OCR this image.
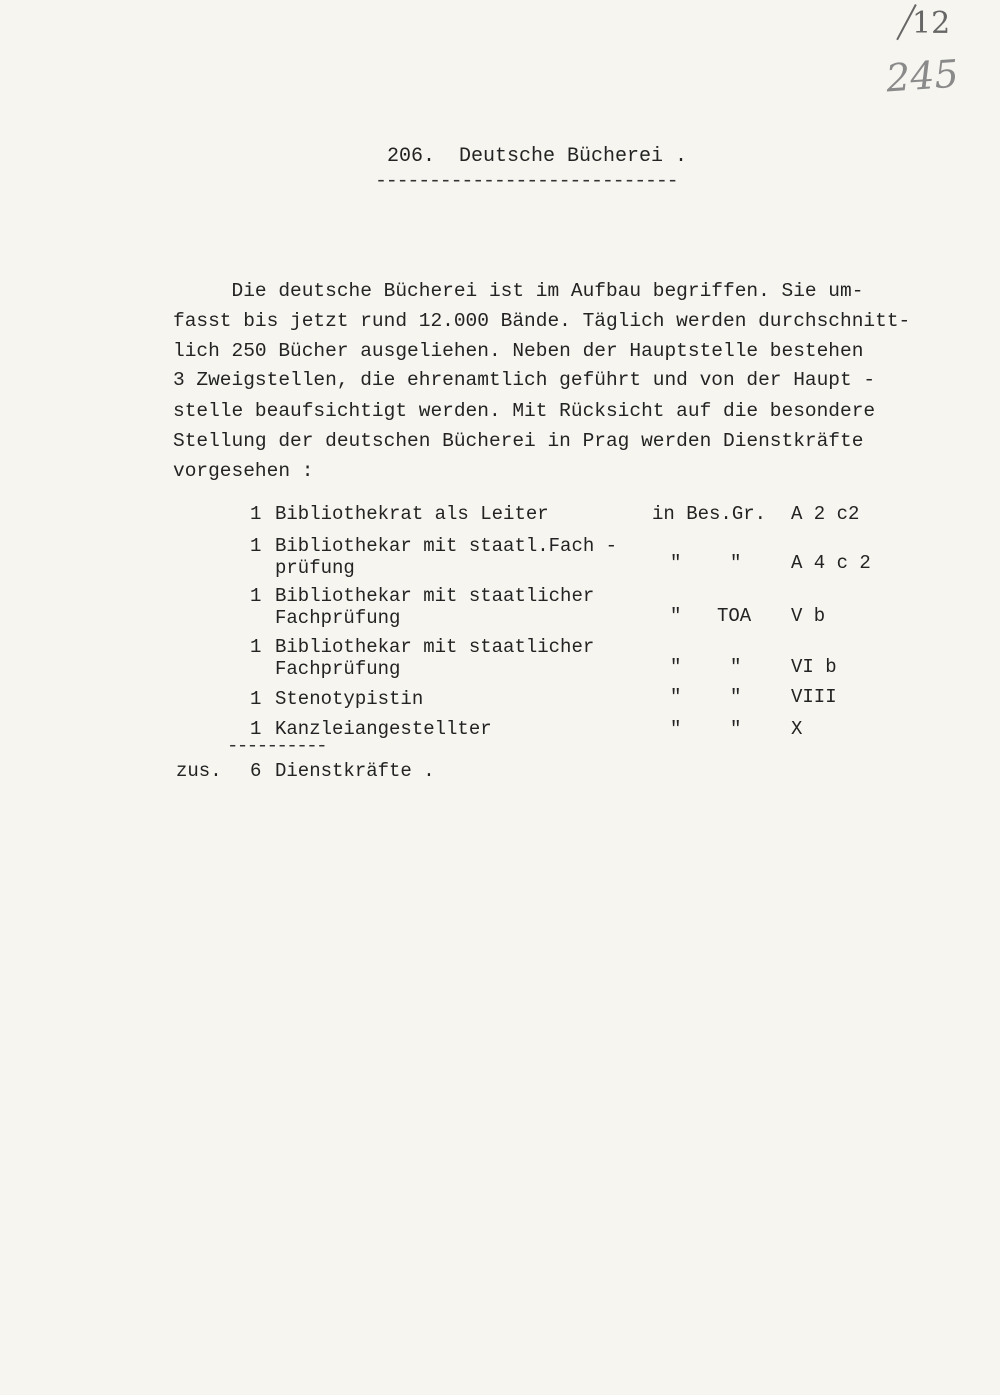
12
245
206.  Deutsche Bücherei .
----------------------------
Die deutsche Bücherei ist im Aufbau begriffen. Sie um-
fasst bis jetzt rund 12.000 Bände. Täglich werden durchschnitt-
lich 250 Bücher ausgeliehen. Neben der Hauptstelle bestehen
3 Zweigstellen, die ehrenamtlich geführt und von der Haupt -
stelle beaufsichtigt werden. Mit Rücksicht auf die besondere
Stellung der deutschen Bücherei in Prag werden Dienstkräfte
vorgesehen :
1 Bibliothekrat als Leiter	in Bes.Gr. A 2 c2
1 Bibliothekar mit staatl.Fach -
prüfung	"	"	A 4 c 2
1 Bibliothekar mit staatlicher
Fachprüfung	" TOA V b
1 Bibliothekar mit staatlicher
Fachprüfung	"	"	VI b
1 Stenotypistin	"	"	VIII
1 Kanzleiangestellter	"	"	X
----------
zus. 6 Dienstkräfte .
